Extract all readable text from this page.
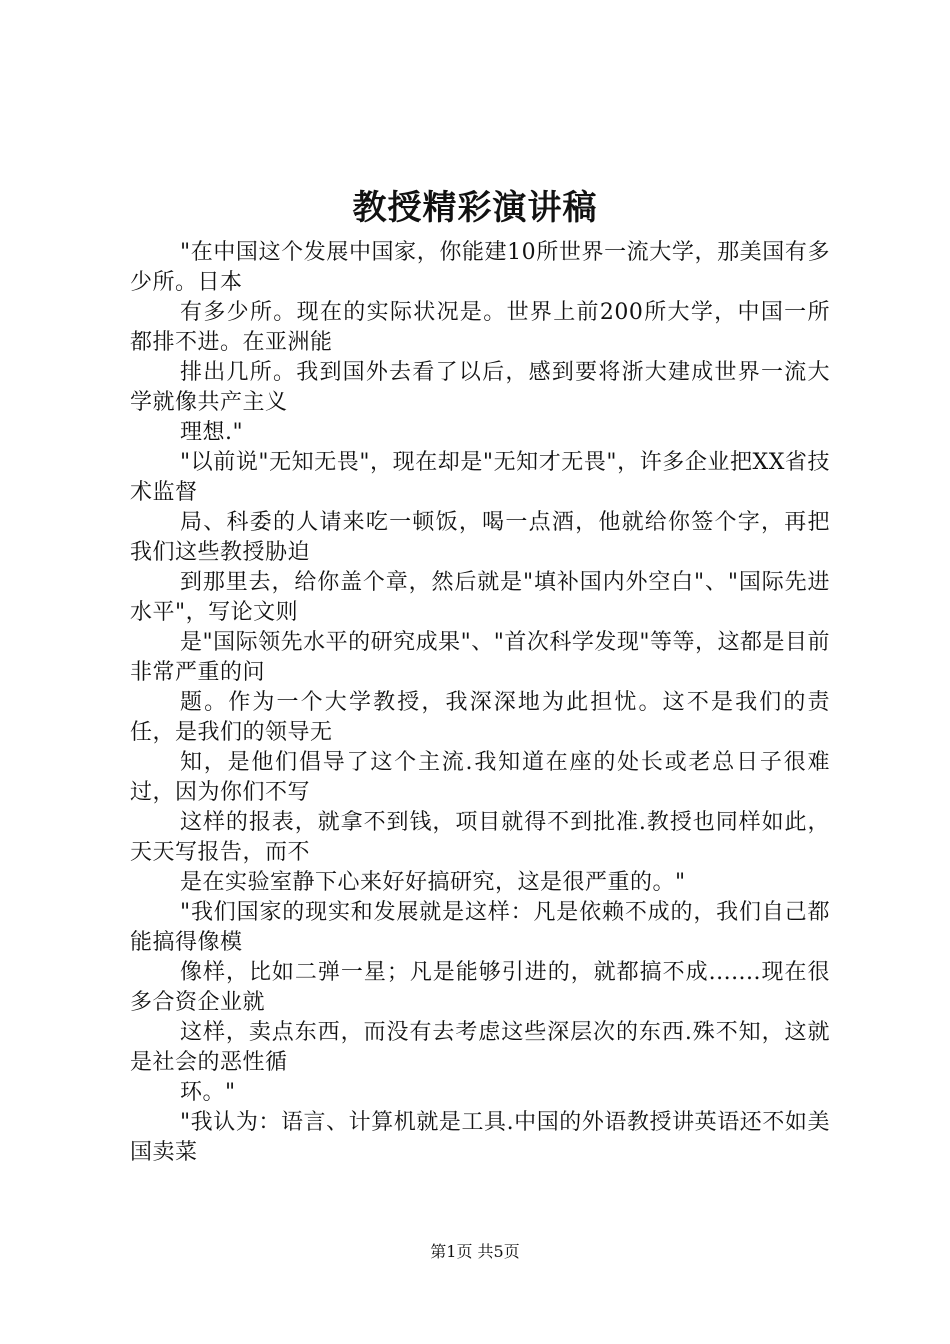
教授精彩演讲稿

"在中国这个发展中国家，你能建10所世界一流大学，那美国有多少所。日本

有多少所。现在的实际状况是。世界上前200所大学，中国一所都排不进。在亚洲能

排出几所。我到国外去看了以后，感到要将浙大建成世界一流大学就像共产主义

理想."

"以前说"无知无畏"，现在却是"无知才无畏"，许多企业把XX省技术监督

局、科委的人请来吃一顿饭，喝一点酒，他就给你签个字，再把我们这些教授胁迫

到那里去，给你盖个章，然后就是"填补国内外空白"、"国际先进水平"，写论文则

是"国际领先水平的研究成果"、"首次科学发现"等等，这都是目前非常严重的问

题。作为一个大学教授，我深深地为此担忧。这不是我们的责任，是我们的领导无

知，是他们倡导了这个主流.我知道在座的处长或老总日子很难过，因为你们不写

这样的报表，就拿不到钱，项目就得不到批准.教授也同样如此，天天写报告，而不

是在实验室静下心来好好搞研究，这是很严重的。"

"我们国家的现实和发展就是这样：凡是依赖不成的，我们自己都能搞得像模

像样，比如二弹一星；凡是能够引进的，就都搞不成.......现在很多合资企业就

这样，卖点东西，而没有去考虑这些深层次的东西.殊不知，这就是社会的恶性循

环。"

"我认为：语言、计算机就是工具.中国的外语教授讲英语还不如美国卖菜

第1页 共5页
